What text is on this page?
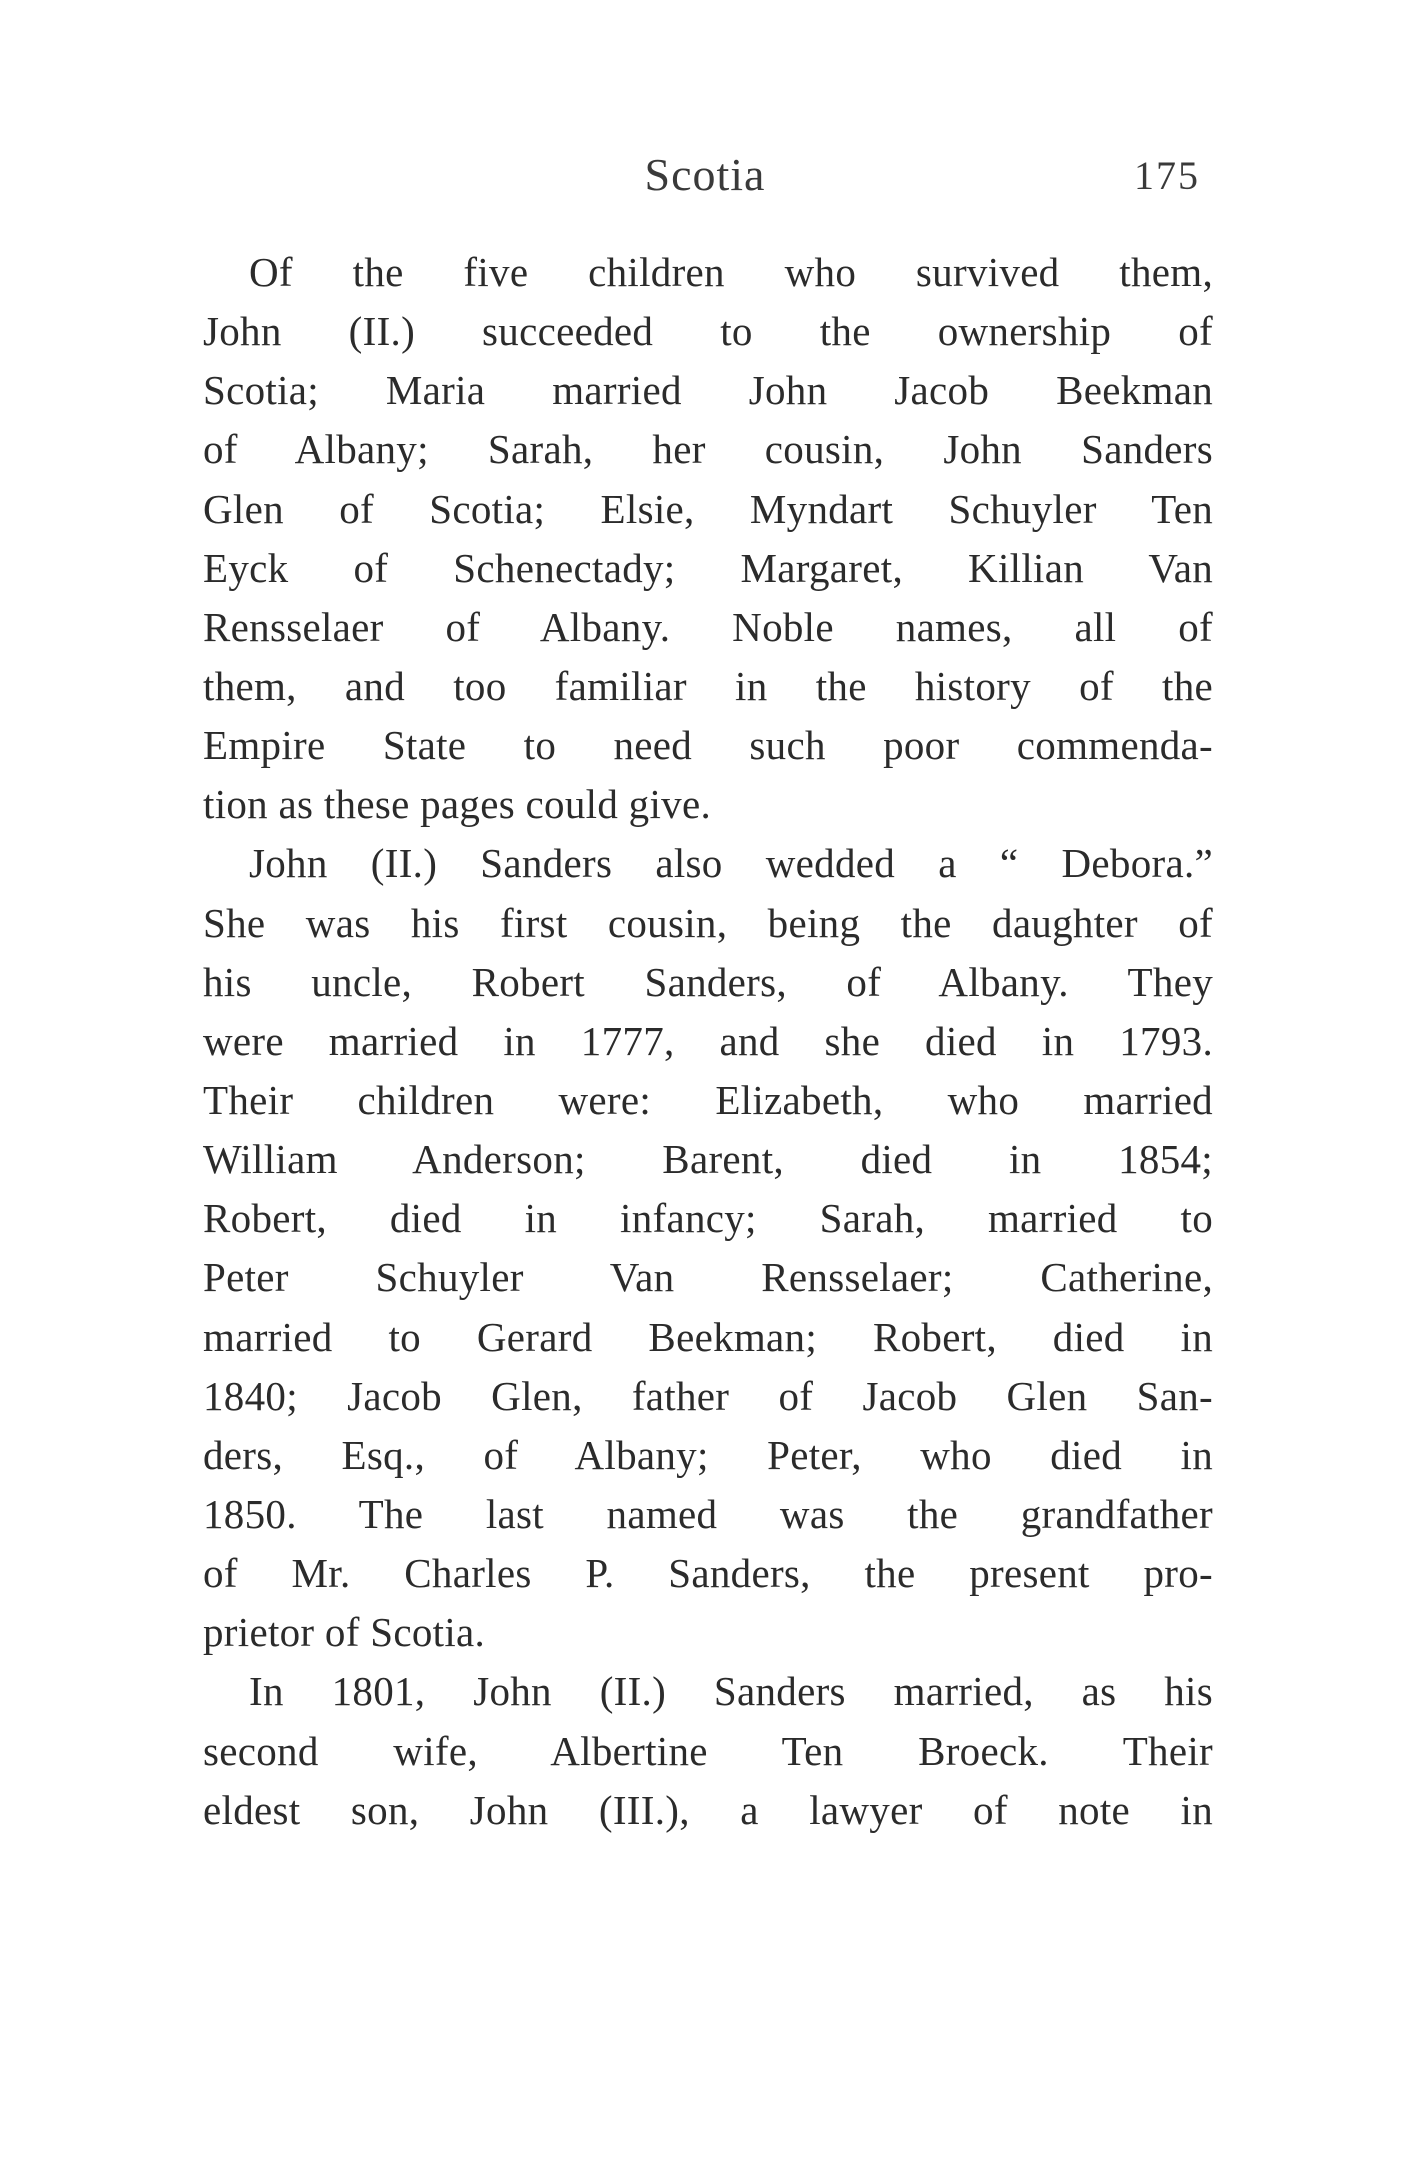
Scotia	175
Of the five children who survived them,
John (II.) succeeded to the ownership of
Scotia; Maria married John Jacob Beekman
of Albany; Sarah, her cousin, John Sanders
Glen of Scotia; Elsie, Myndart Schuyler Ten
Eyck of Schenectady; Margaret, Killian Van
Rensselaer of Albany. Noble names, all of
them, and too familiar in the history of the
Empire State to need such poor commenda-
tion as these pages could give.
John (II.) Sanders also wedded a “ Debora.”
She was his first cousin, being the daughter of
his uncle, Robert Sanders, of Albany. They
were married in 1777, and she died in 1793.
Their children were: Elizabeth, who married
William Anderson; Barent, died in 1854;
Robert, died in infancy; Sarah, married to
Peter Schuyler Van Rensselaer; Catherine,
married to Gerard Beekman; Robert, died in
1840; Jacob Glen, father of Jacob Glen San-
ders, Esq., of Albany; Peter, who died in
1850. The last named was the grandfather
of Mr. Charles P. Sanders, the present pro-
prietor of Scotia.
In 1801, John (II.) Sanders married, as his
second wife, Albertine Ten Broeck. Their
eldest son, John (III.), a lawyer of note in
